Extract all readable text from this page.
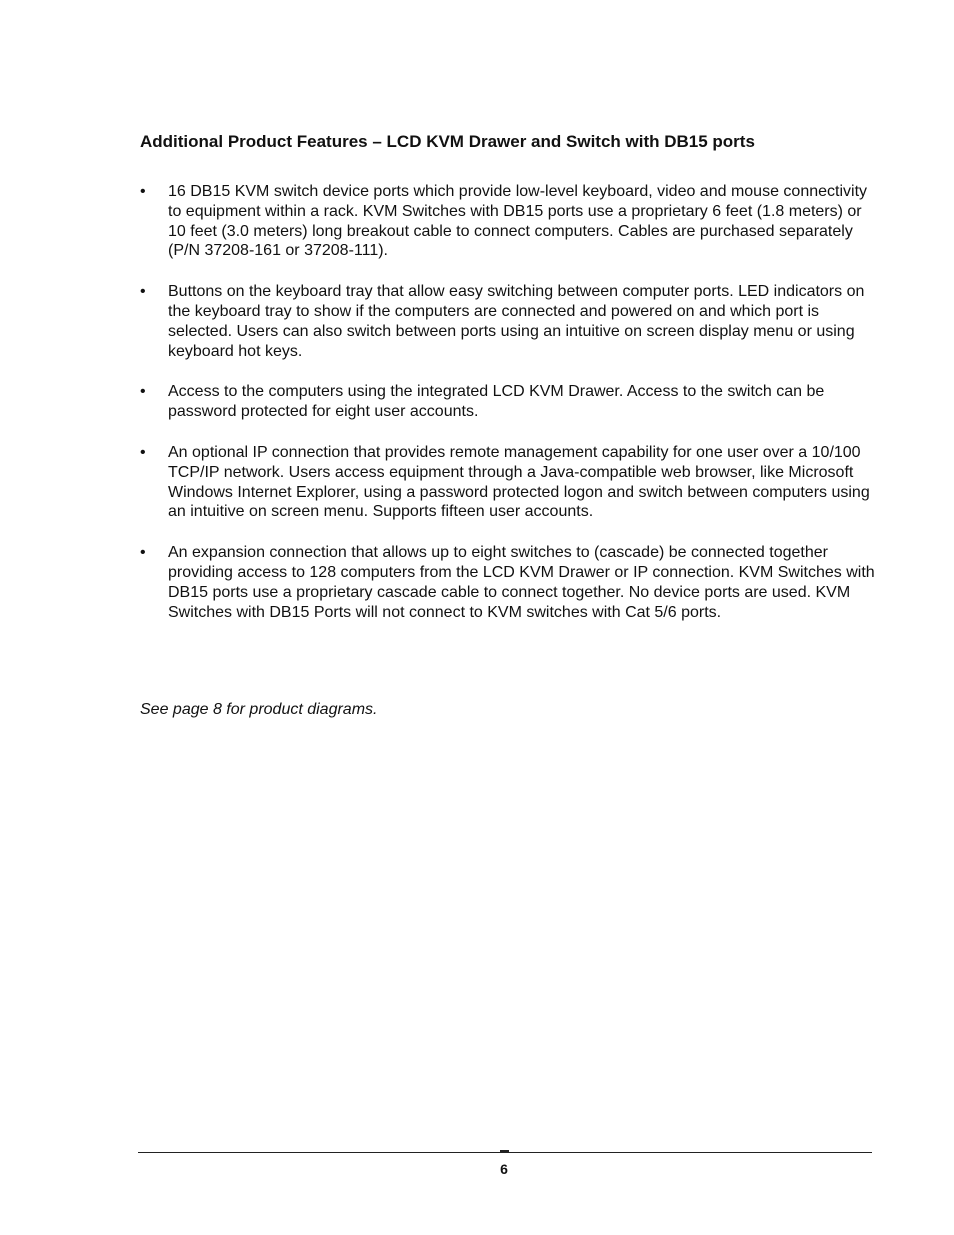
Additional Product Features – LCD KVM Drawer and Switch with DB15 ports
• 16 DB15 KVM switch device ports which provide low-level keyboard, video and mouse connectivity to equipment within a rack. KVM Switches with DB15 ports use a proprietary 6 feet (1.8 meters) or 10 feet (3.0 meters) long breakout cable to connect computers. Cables are purchased separately (P/N 37208-161 or 37208-111).
• Buttons on the keyboard tray that allow easy switching between computer ports. LED indicators on the keyboard tray to show if the computers are connected and powered on and which port is selected. Users can also switch between ports using an intuitive on screen display menu or using keyboard hot keys.
• Access to the computers using the integrated LCD KVM Drawer. Access to the switch can be password protected for eight user accounts.
• An optional IP connection that provides remote management capability for one user over a 10/100 TCP/IP network. Users access equipment through a Java-compatible web browser, like Microsoft Windows Internet Explorer, using a password protected logon and switch between computers using an intuitive on screen menu. Supports fifteen user accounts.
• An expansion connection that allows up to eight switches to (cascade) be connected together providing access to 128 computers from the LCD KVM Drawer or IP connection. KVM Switches with DB15 ports use a proprietary cascade cable to connect together. No device ports are used. KVM Switches with DB15 Ports will not connect to KVM switches with Cat 5/6 ports.

See page 8 for product diagrams.

6
